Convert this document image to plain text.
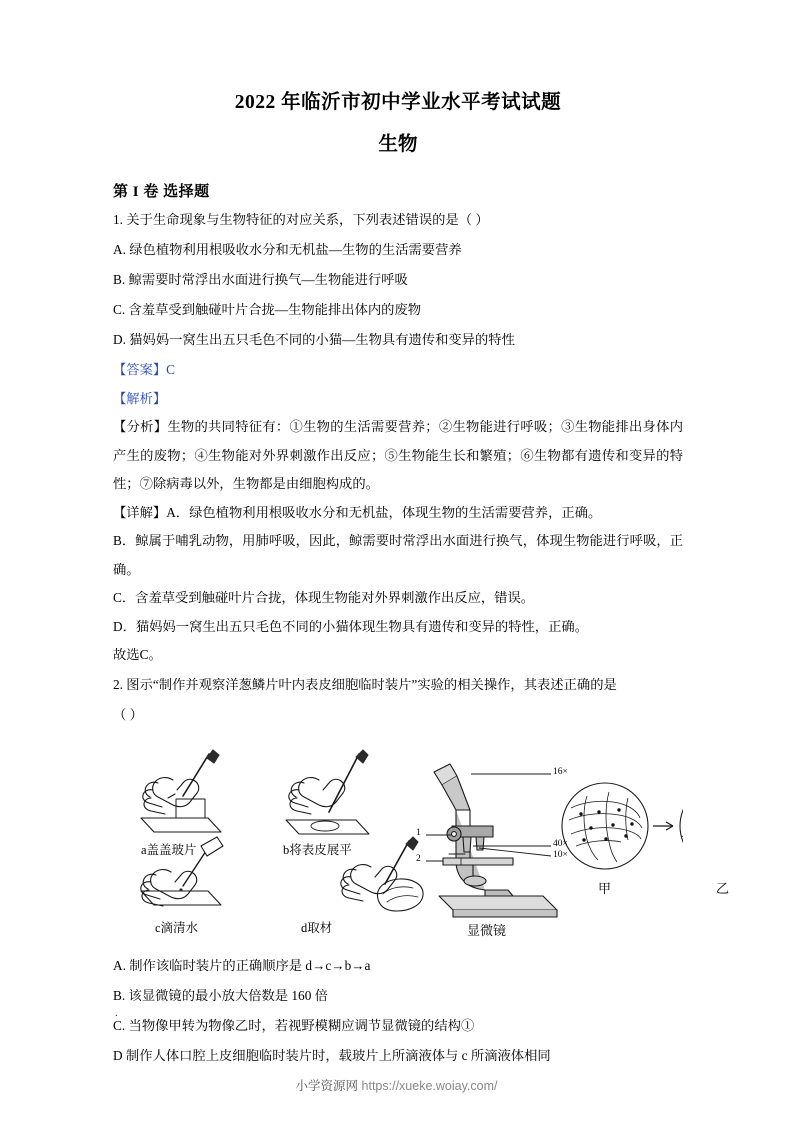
2022 年临沂市初中学业水平考试试题
生物
第 I 卷 选择题
1. 关于生命现象与生物特征的对应关系，下列表述错误的是（ ）
A. 绿色植物利用根吸收水分和无机盐—生物的生活需要营养
B. 鲸需要时常浮出水面进行换气—生物能进行呼吸
C. 含羞草受到触碰叶片合拢—生物能排出体内的废物
D. 猫妈妈一窝生出五只毛色不同的小猫—生物具有遗传和变异的特性
【答案】C
【解析】
【分析】生物的共同特征有：①生物的生活需要营养；②生物能进行呼吸；③生物能排出身体内产生的废物；④生物能对外界刺激作出反应；⑤生物能生长和繁殖；⑥生物都有遗传和变异的特性；⑦除病毒以外，生物都是由细胞构成的。
【详解】A．绿色植物利用根吸收水分和无机盐，体现生物的生活需要营养，正确。
B．鲸属于哺乳动物，用肺呼吸，因此，鲸需要时常浮出水面进行换气，体现生物能进行呼吸，正确。
C．含羞草受到触碰叶片合拢，体现生物能对外界刺激作出反应，错误。
D．猫妈妈一窝生出五只毛色不同的小猫体现生物具有遗传和变异的特性，正确。
故选C。
2. 图示“制作并观察洋葱鳞片叶内表皮细胞临时装片”实验的相关操作，其表述正确的是
（ ）
a盖盖玻片	b将表皮展平
c滴清水	d取材	显微镜
16×
40×
10×
1
2
甲	乙
A. 制作该临时装片的正确顺序是 d→c→b→a
B. 该显微镜的最小放大倍数是 160 倍
C. 当物像甲转为物像乙时，若视野模糊应调节显微镜的结构①
D 制作人体口腔上皮细胞临时装片时，载玻片上所滴液体与 c 所滴液体相同
.
小学资源网 https://xueke.woiay.com/
